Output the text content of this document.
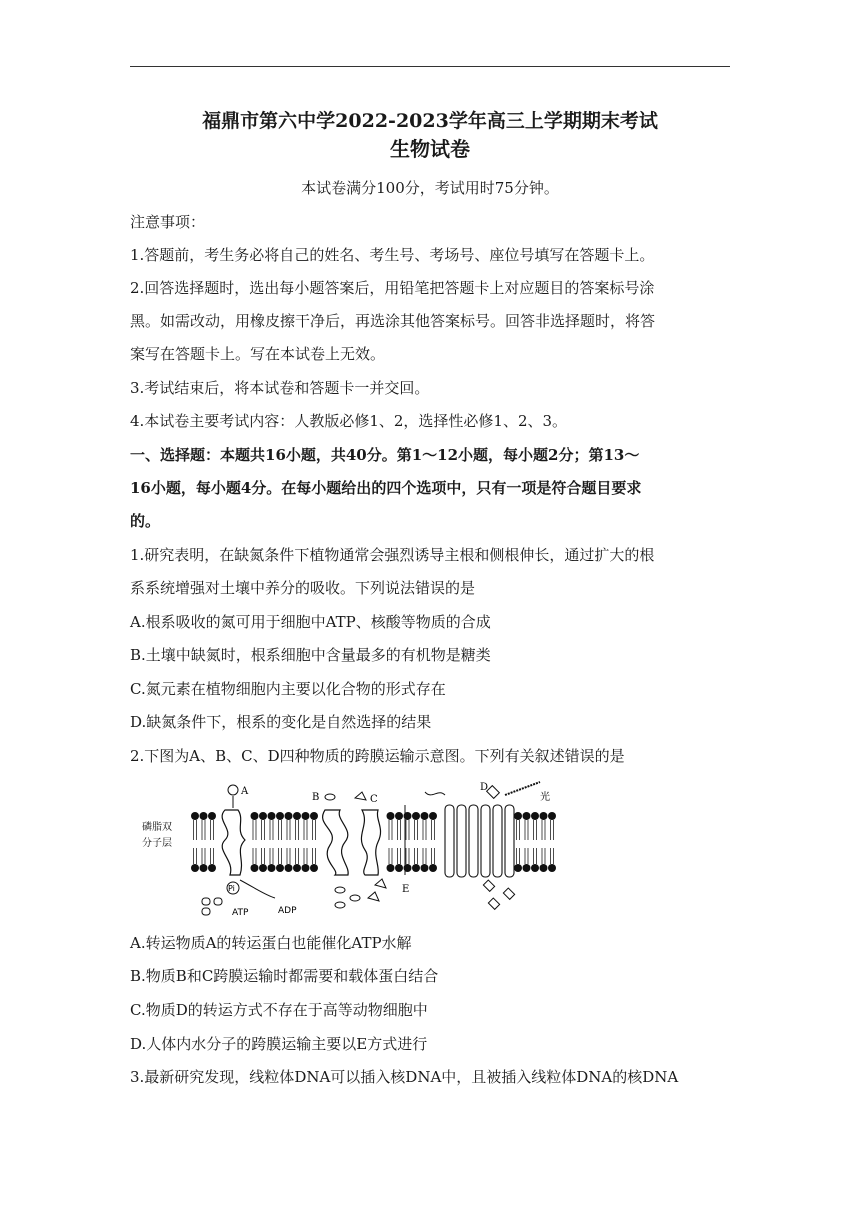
福鼎市第六中学2022-2023学年高三上学期期末考试
生物试卷
本试卷满分100分，考试用时75分钟。
注意事项：
1.答题前，考生务必将自己的姓名、考生号、考场号、座位号填写在答题卡上。
2.回答选择题时，选出每小题答案后，用铅笔把答题卡上对应题目的答案标号涂
黑。如需改动，用橡皮擦干净后，再选涂其他答案标号。回答非选择题时，将答
案写在答题卡上。写在本试卷上无效。
3.考试结束后，将本试卷和答题卡一并交回。
4.本试卷主要考试内容：人教版必修1、2，选择性必修1、2、3。
一、选择题：本题共16小题，共40分。第1～12小题，每小题2分；第13～
16小题，每小题4分。在每小题给出的四个选项中，只有一项是符合题目要求
的。
1.研究表明，在缺氮条件下植物通常会强烈诱导主根和侧根伸长，通过扩大的根
系系统增强对土壤中养分的吸收。下列说法错误的是
A.根系吸收的氮可用于细胞中ATP、核酸等物质的合成
B.土壤中缺氮时，根系细胞中含量最多的有机物是糖类
C.氮元素在植物细胞内主要以化合物的形式存在
D.缺氮条件下，根系的变化是自然选择的结果
2.下图为A、B、C、D四种物质的跨膜运输示意图。下列有关叙述错误的是
磷脂双
分子层
A
Pi
ATP	ADP
B	C
E
D
光
A.转运物质A的转运蛋白也能催化ATP水解
B.物质B和C跨膜运输时都需要和载体蛋白结合
C.物质D的转运方式不存在于高等动物细胞中
D.人体内水分子的跨膜运输主要以E方式进行
3.最新研究发现，线粒体DNA可以插入核DNA中，且被插入线粒体DNA的核DNA
